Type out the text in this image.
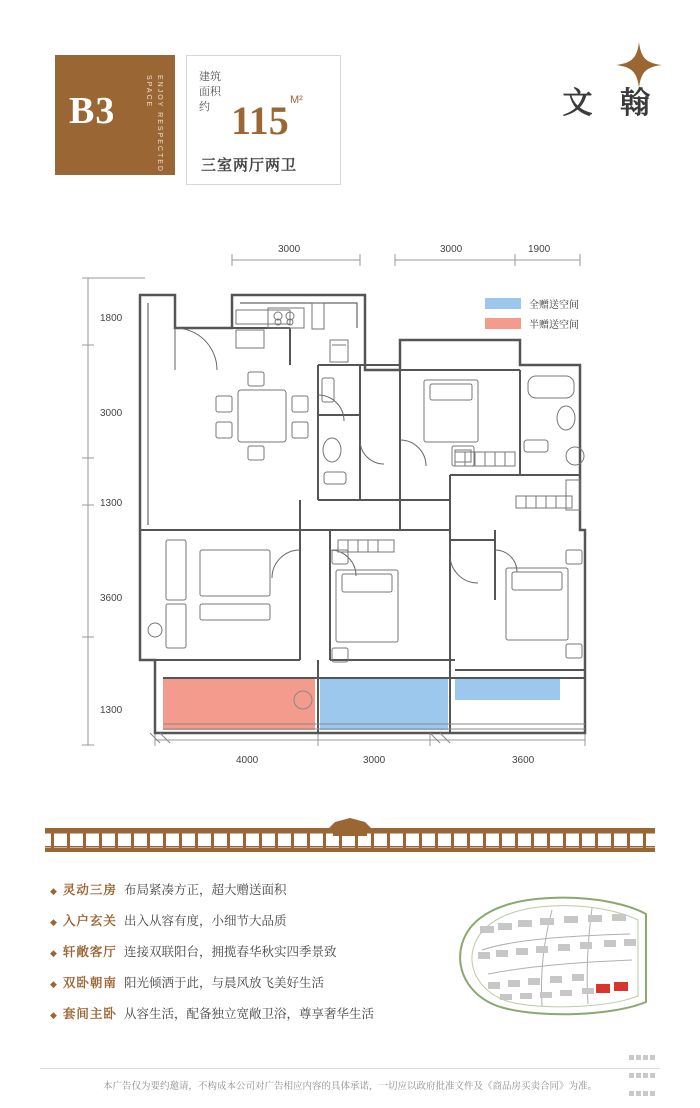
B3	ENJOY RESPECTED SPACE	建筑
面积
约 115 M²
三室两厅两卫
文 翰
全赠送空间
半赠送空间
3000	3000	1900
1800
3000
1300
3600
1300
4000	3000	3600
◆ 灵动三房 布局紧凑方正，超大赠送面积
◆ 入户玄关 出入从容有度，小细节大品质
◆ 轩敞客厅 连接双联阳台，拥揽春华秋实四季景致
◆ 双卧朝南 阳光倾洒于此，与晨风放飞美好生活
◆ 套间主卧 从容生活，配备独立宽敞卫浴，尊享奢华生活

本广告仅为要约邀请，不构成本公司对广告相应内容的具体承诺，一切应以政府批准文件及《商品房买卖合同》为准。
